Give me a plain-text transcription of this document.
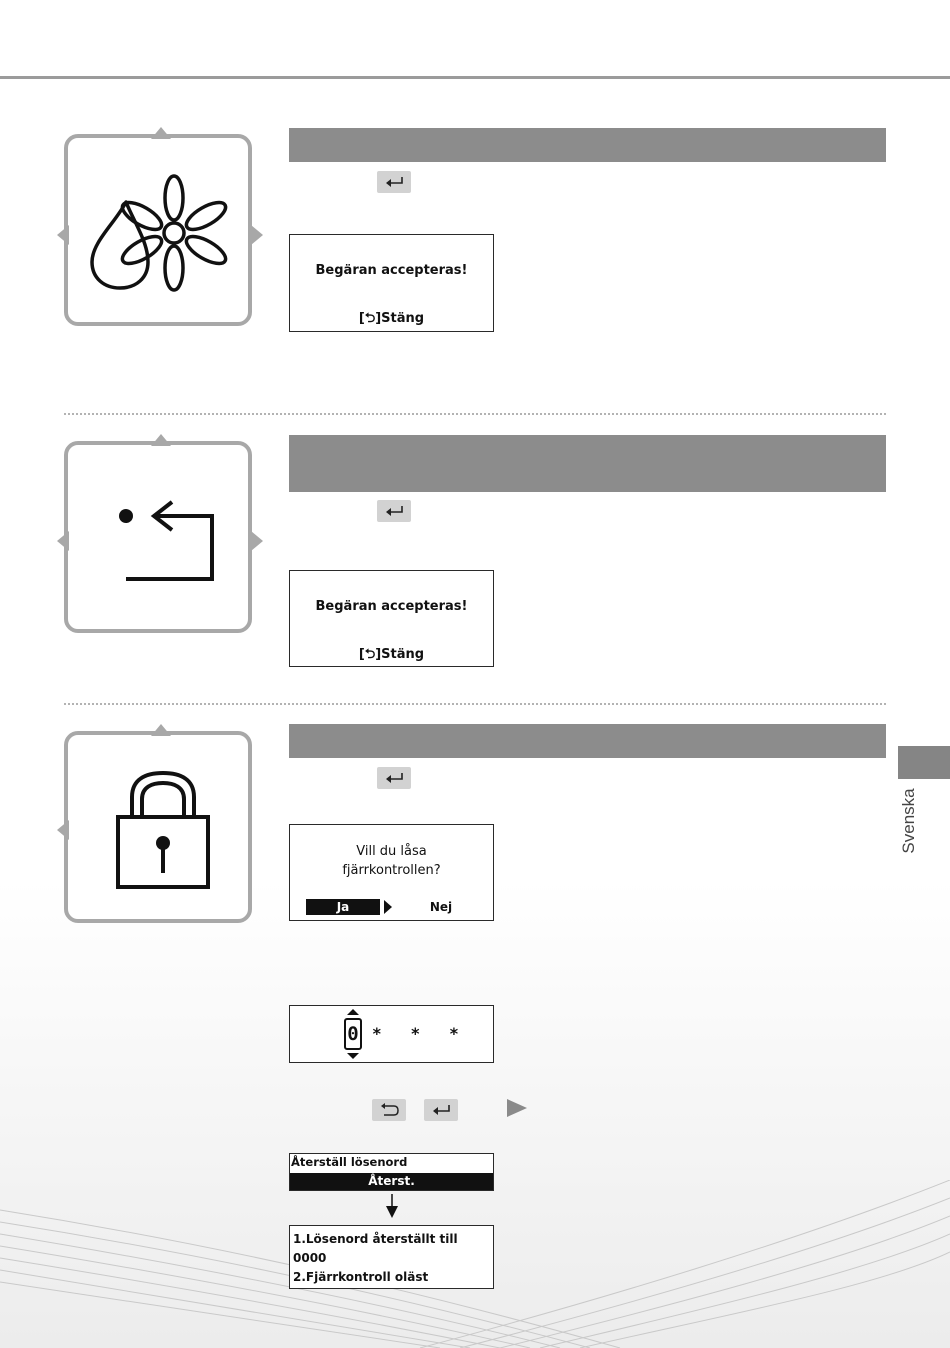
Begäran accepteras!
[⮌]Stäng
Begäran accepteras!
[⮌]Stäng
Vill du låsa
fjärrkontrollen?
Ja	Nej
0 *   *   *
Återställ lösenord
Återst.
1.Lösenord återställt till
0000
2.Fjärrkontroll oläst
Svenska
